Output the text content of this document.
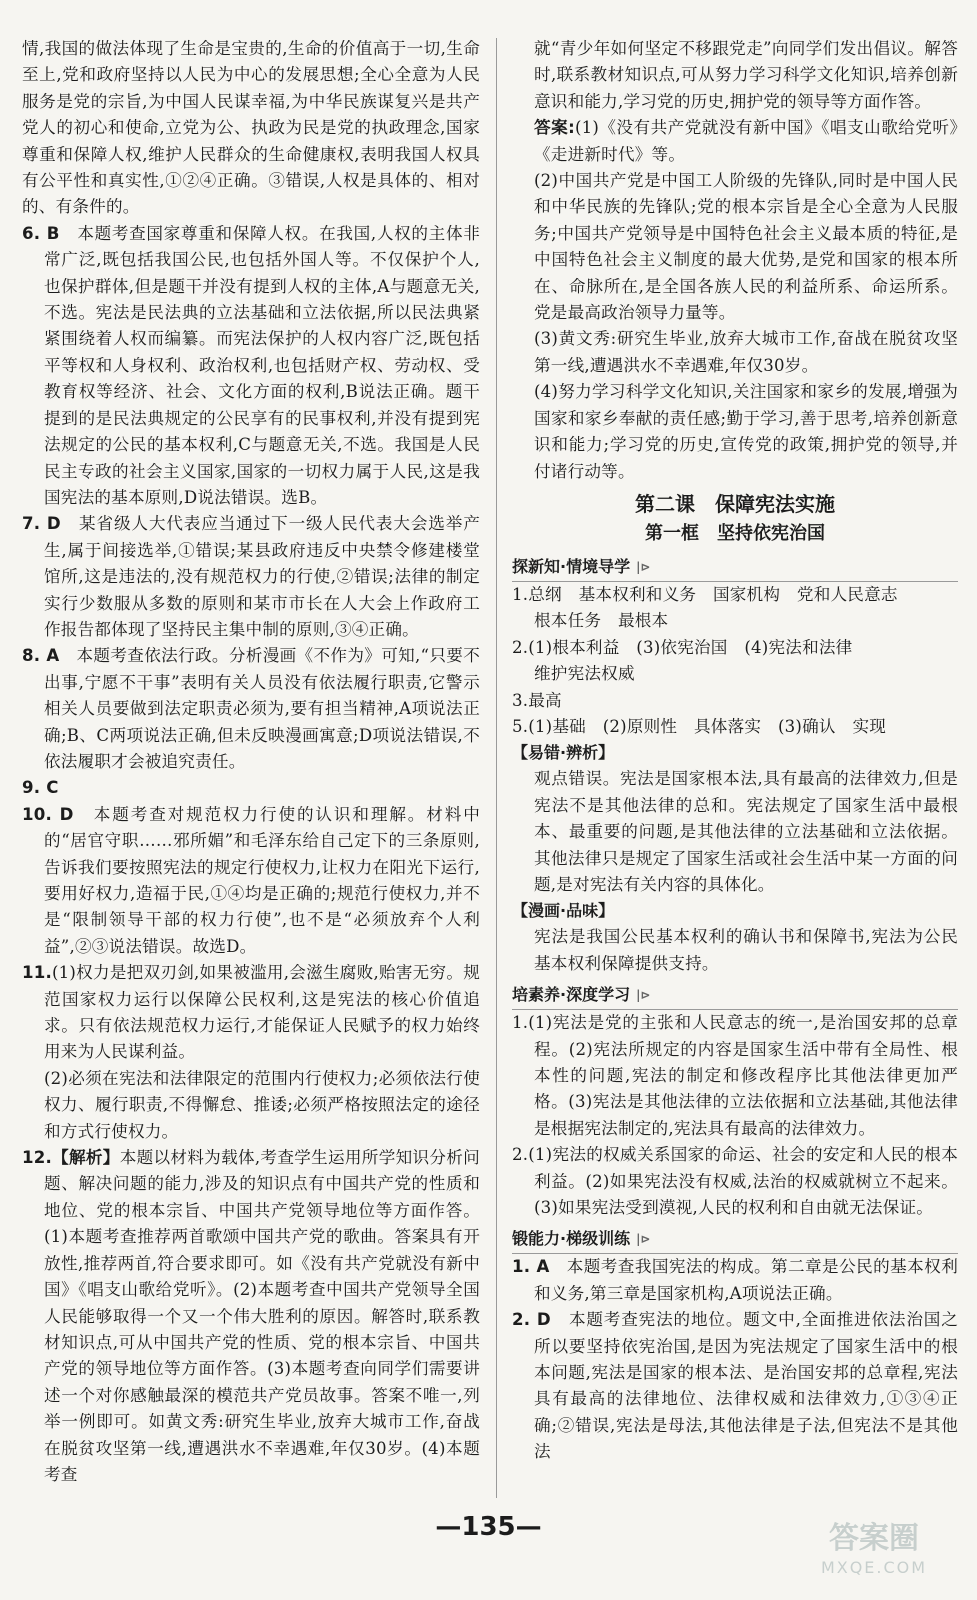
情,我国的做法体现了生命是宝贵的,生命的价值高于一切,生命至上,党和政府坚持以人民为中心的发展思想;全心全意为人民服务是党的宗旨,为中国人民谋幸福,为中华民族谋复兴是共产党人的初心和使命,立党为公、执政为民是党的执政理念,国家尊重和保障人权,维护人民群众的生命健康权,表明我国人权具有公平性和真实性,①②④正确。③错误,人权是具体的、相对的、有条件的。

6. B　 本题考查国家尊重和保障人权。在我国,人权的主体非常广泛,既包括我国公民,也包括外国人等。不仅保护个人,也保护群体,但是题干并没有提到人权的主体,A与题意无关,不选。宪法是民法典的立法基础和立法依据,所以民法典紧紧围绕着人权而编纂。而宪法保护的人权内容广泛,既包括平等权和人身权利、政治权利,也包括财产权、劳动权、受教育权等经济、社会、文化方面的权利,B说法正确。题干提到的是民法典规定的公民享有的民事权利,并没有提到宪法规定的公民的基本权利,C与题意无关,不选。我国是人民民主专政的社会主义国家,国家的一切权力属于人民,这是我国宪法的基本原则,D说法错误。选B。

7. D　 某省级人大代表应当通过下一级人民代表大会选举产生,属于间接选举,①错误;某县政府违反中央禁令修建楼堂馆所,这是违法的,没有规范权力的行使,②错误;法律的制定实行少数服从多数的原则和某市市长在人大会上作政府工作报告都体现了坚持民主集中制的原则,③④正确。

8. A　 本题考查依法行政。分析漫画《不作为》可知,“只要不出事,宁愿不干事”表明有关人员没有依法履行职责,它警示相关人员要做到法定职责必须为,要有担当精神,A项说法正确;B、C两项说法正确,但未反映漫画寓意;D项说法错误,不依法履职才会被追究责任。

9. C

10. D　 本题考查对规范权力行使的认识和理解。材料中的“居官守职……邪所媚”和毛泽东给自己定下的三条原则,告诉我们要按照宪法的规定行使权力,让权力在阳光下运行,要用好权力,造福于民,①④均是正确的;规范行使权力,并不是“限制领导干部的权力行使”,也不是“必须放弃个人利益”,②③说法错误。故选D。

11.(1)权力是把双刃剑,如果被滥用,会滋生腐败,贻害无穷。规范国家权力运行以保障公民权利,这是宪法的核心价值追求。只有依法规范权力运行,才能保证人民赋予的权力始终用来为人民谋利益。

(2)必须在宪法和法律限定的范围内行使权力;必须依法行使权力、履行职责,不得懈怠、推诿;必须严格按照法定的途径和方式行使权力。

12.【解析】本题以材料为载体,考查学生运用所学知识分析问题、解决问题的能力,涉及的知识点有中国共产党的性质和地位、党的根本宗旨、中国共产党领导地位等方面作答。(1)本题考查推荐两首歌颂中国共产党的歌曲。答案具有开放性,推荐两首,符合要求即可。如《没有共产党就没有新中国》《唱支山歌给党听》。(2)本题考查中国共产党领导全国人民能够取得一个又一个伟大胜利的原因。解答时,联系教材知识点,可从中国共产党的性质、党的根本宗旨、中国共产党的领导地位等方面作答。(3)本题考查向同学们需要讲述一个对你感触最深的模范共产党员故事。答案不唯一,列举一例即可。如黄文秀:研究生毕业,放弃大城市工作,奋战在脱贫攻坚第一线,遭遇洪水不幸遇难,年仅30岁。(4)本题考查

就“青少年如何坚定不移跟党走”向同学们发出倡议。解答时,联系教材知识点,可从努力学习科学文化知识,培养创新意识和能力,学习党的历史,拥护党的领导等方面作答。

答案:(1)《没有共产党就没有新中国》《唱支山歌给党听》《走进新时代》等。

(2)中国共产党是中国工人阶级的先锋队,同时是中国人民和中华民族的先锋队;党的根本宗旨是全心全意为人民服务;中国共产党领导是中国特色社会主义最本质的特征,是中国特色社会主义制度的最大优势,是党和国家的根本所在、命脉所在,是全国各族人民的利益所系、命运所系。党是最高政治领导力量等。

(3)黄文秀:研究生毕业,放弃大城市工作,奋战在脱贫攻坚第一线,遭遇洪水不幸遇难,年仅30岁。

(4)努力学习科学文化知识,关注国家和家乡的发展,增强为国家和家乡奉献的责任感;勤于学习,善于思考,培养创新意识和能力;学习党的历史,宣传党的政策,拥护党的领导,并付诸行动等。

第二课　保障宪法实施
第一框　坚持依宪治国
探新知·情境导学 |⊳

1.总纲　基本权利和义务　国家机构　党和人民意志

根本任务　最根本

2.(1)根本利益　(3)依宪治国　(4)宪法和法律

维护宪法权威

3.最高

5.(1)基础　(2)原则性　具体落实　(3)确认　实现

【易错·辨析】

观点错误。宪法是国家根本法,具有最高的法律效力,但是宪法不是其他法律的总和。宪法规定了国家生活中最根本、最重要的问题,是其他法律的立法基础和立法依据。其他法律只是规定了国家生活或社会生活中某一方面的问题,是对宪法有关内容的具体化。

【漫画·品味】

宪法是我国公民基本权利的确认书和保障书,宪法为公民基本权利保障提供支持。

培素养·深度学习 |⊳

1.(1)宪法是党的主张和人民意志的统一,是治国安邦的总章程。(2)宪法所规定的内容是国家生活中带有全局性、根本性的问题,宪法的制定和修改程序比其他法律更加严格。(3)宪法是其他法律的立法依据和立法基础,其他法律是根据宪法制定的,宪法具有最高的法律效力。

2.(1)宪法的权威关系国家的命运、社会的安定和人民的根本利益。(2)如果宪法没有权威,法治的权威就树立不起来。(3)如果宪法受到漠视,人民的权利和自由就无法保证。

锻能力·梯级训练 |⊳

1. A　 本题考查我国宪法的构成。第二章是公民的基本权利和义务,第三章是国家机构,A项说法正确。

2. D　 本题考查宪法的地位。题文中,全面推进依法治国之所以要坚持依宪治国,是因为宪法规定了国家生活中的根本问题,宪法是国家的根本法、是治国安邦的总章程,宪法具有最高的法律地位、法律权威和法律效力,①③④正确;②错误,宪法是母法,其他法律是子法,但宪法不是其他法

—135—	答案圈
MXQE.COM
